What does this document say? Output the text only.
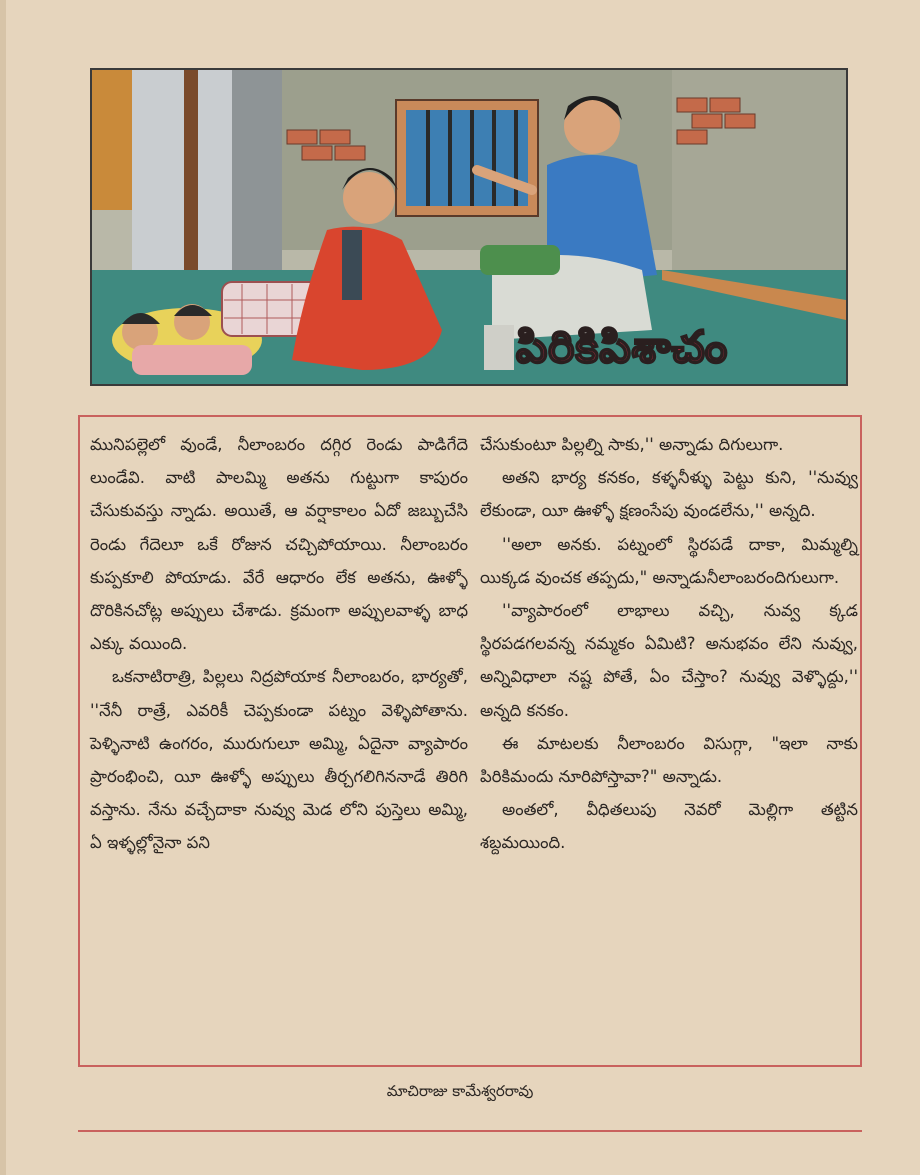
పిరికిపిశాచం

మునిపల్లెలో వుండే, నీలాంబరం దగ్గిర రెండు పాడిగేదె లుండేవి. వాటి పాలమ్మి అతను గుట్టుగా కాపురం చేసుకువస్తు న్నాడు. అయితే, ఆ వర్షాకాలం ఏదో జబ్బుచేసి రెండు గేదెలూ ఒకే రోజున చచ్చిపోయాయి. నీలాంబరం కుప్పకూలి పోయాడు. వేరే ఆధారం లేక అతను, ఊళ్ళో దొరికినచోట్ల అప్పులు చేశాడు. క్రమంగా అప్పులవాళ్ళ బాధ ఎక్కు వయింది.

ఒకనాటిరాత్రి, పిల్లలు నిద్రపోయాక నీలాంబరం, భార్యతో, ''నేనీ రాత్రే, ఎవరికీ చెప్పకుండా పట్నం వెళ్ళిపోతాను. పెళ్ళినాటి ఉంగరం, మురుగులూ అమ్మి, ఏదైనా వ్యాపారం ప్రారంభించి, యీ ఊళ్ళో అప్పులు తీర్చగలిగిననాడే తిరిగి వస్తాను. నేను వచ్చేదాకా నువ్వు మెడ లోని పుస్తెలు అమ్మి, ఏ ఇళ్ళల్లోనైనా పని

చేసుకుంటూ పిల్లల్ని సాకు,'' అన్నాడు దిగులుగా.

అతని భార్య కనకం, కళ్ళనీళ్ళు పెట్టు కుని, ''నువ్వు లేకుండా, యీ ఊళ్ళో క్షణంసేపు వుండలేను,'' అన్నది.

''అలా అనకు. పట్నంలో స్థిరపడే దాకా, మిమ్మల్ని యిక్కడ వుంచక తప్పదు," అన్నాడునీలాంబరందిగులుగా.

''వ్యాపారంలో లాభాలు వచ్చి, నువ్వ క్కడ స్థిరపడగలవన్న నమ్మకం ఏమిటి? అనుభవం లేని నువ్వు, అన్నివిధాలా నష్ట పోతే, ఏం చేస్తాం? నువ్వు వెళ్ళొద్దు,'' అన్నది కనకం.

ఈ మాటలకు నీలాంబరం విసుగ్గా, "ఇలా నాకు పిరికిమందు నూరిపోస్తావా?" అన్నాడు.

అంతలో, వీధితలుపు నెవరో మెల్లిగా తట్టిన శబ్దమయింది.

మాచిరాజు కామేశ్వరరావు
